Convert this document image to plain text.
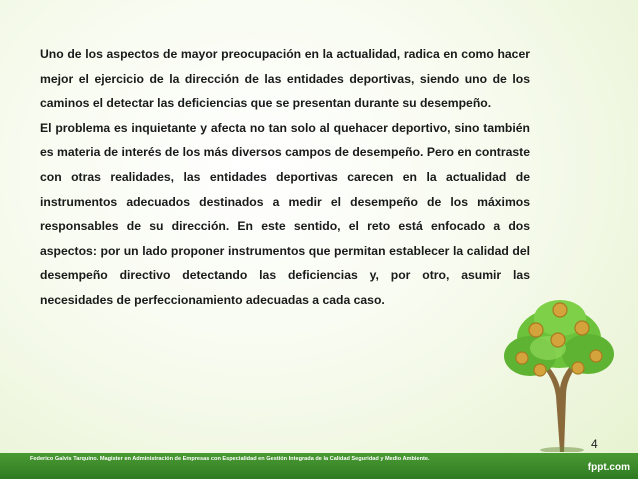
Uno de los aspectos de mayor preocupación en la actualidad, radica en como hacer mejor el ejercicio de la dirección de las entidades deportivas, siendo uno de los caminos el detectar las deficiencias que se presentan durante su desempeño.

El problema es inquietante y afecta no tan solo al quehacer deportivo, sino también es materia de interés de los más diversos campos de desempeño. Pero en contraste con otras realidades, las entidades deportivas carecen en la actualidad de instrumentos adecuados destinados a medir el desempeño de los máximos responsables de su dirección. En este sentido, el reto está enfocado a dos aspectos: por un lado proponer instrumentos que permitan establecer la calidad del desempeño directivo detectando las deficiencias y, por otro, asumir las necesidades de perfeccionamiento adecuadas a cada caso.

4
Federico Galvis Tarquino. Magister en Administración de Empresas con Especialidad en Gestión Integrada de la Calidad Seguridad y Medio Ambiente.
fppt.com
